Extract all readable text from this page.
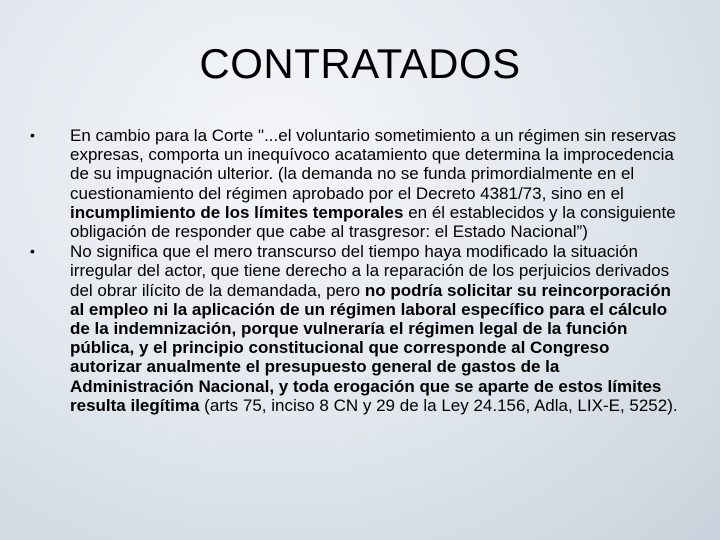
CONTRATADOS
• En cambio para la Corte "...el voluntario sometimiento a un régimen sin reservas expresas, comporta un inequívoco acatamiento que determina la improcedencia de su impugnación ulterior. (la demanda no se funda primordialmente en el cuestionamiento del régimen aprobado por el Decreto 4381/73, sino en el incumplimiento de los límites temporales en él establecidos y la consiguiente obligación de responder que cabe al trasgresor: el Estado Nacional”)
• No significa que el mero transcurso del tiempo haya modificado la situación irregular del actor, que tiene derecho a la reparación de los perjuicios derivados del obrar ilícito de la demandada, pero no podría solicitar su reincorporación al empleo ni la aplicación de un régimen laboral específico para el cálculo de la indemnización, porque vulneraría el régimen legal de la función pública, y el principio constitucional que corresponde al Congreso autorizar anualmente el presupuesto general de gastos de la Administración Nacional, y toda erogación que se aparte de estos límites resulta ilegítima (arts 75, inciso 8 CN y 29 de la Ley 24.156, Adla, LIX-E, 5252).
